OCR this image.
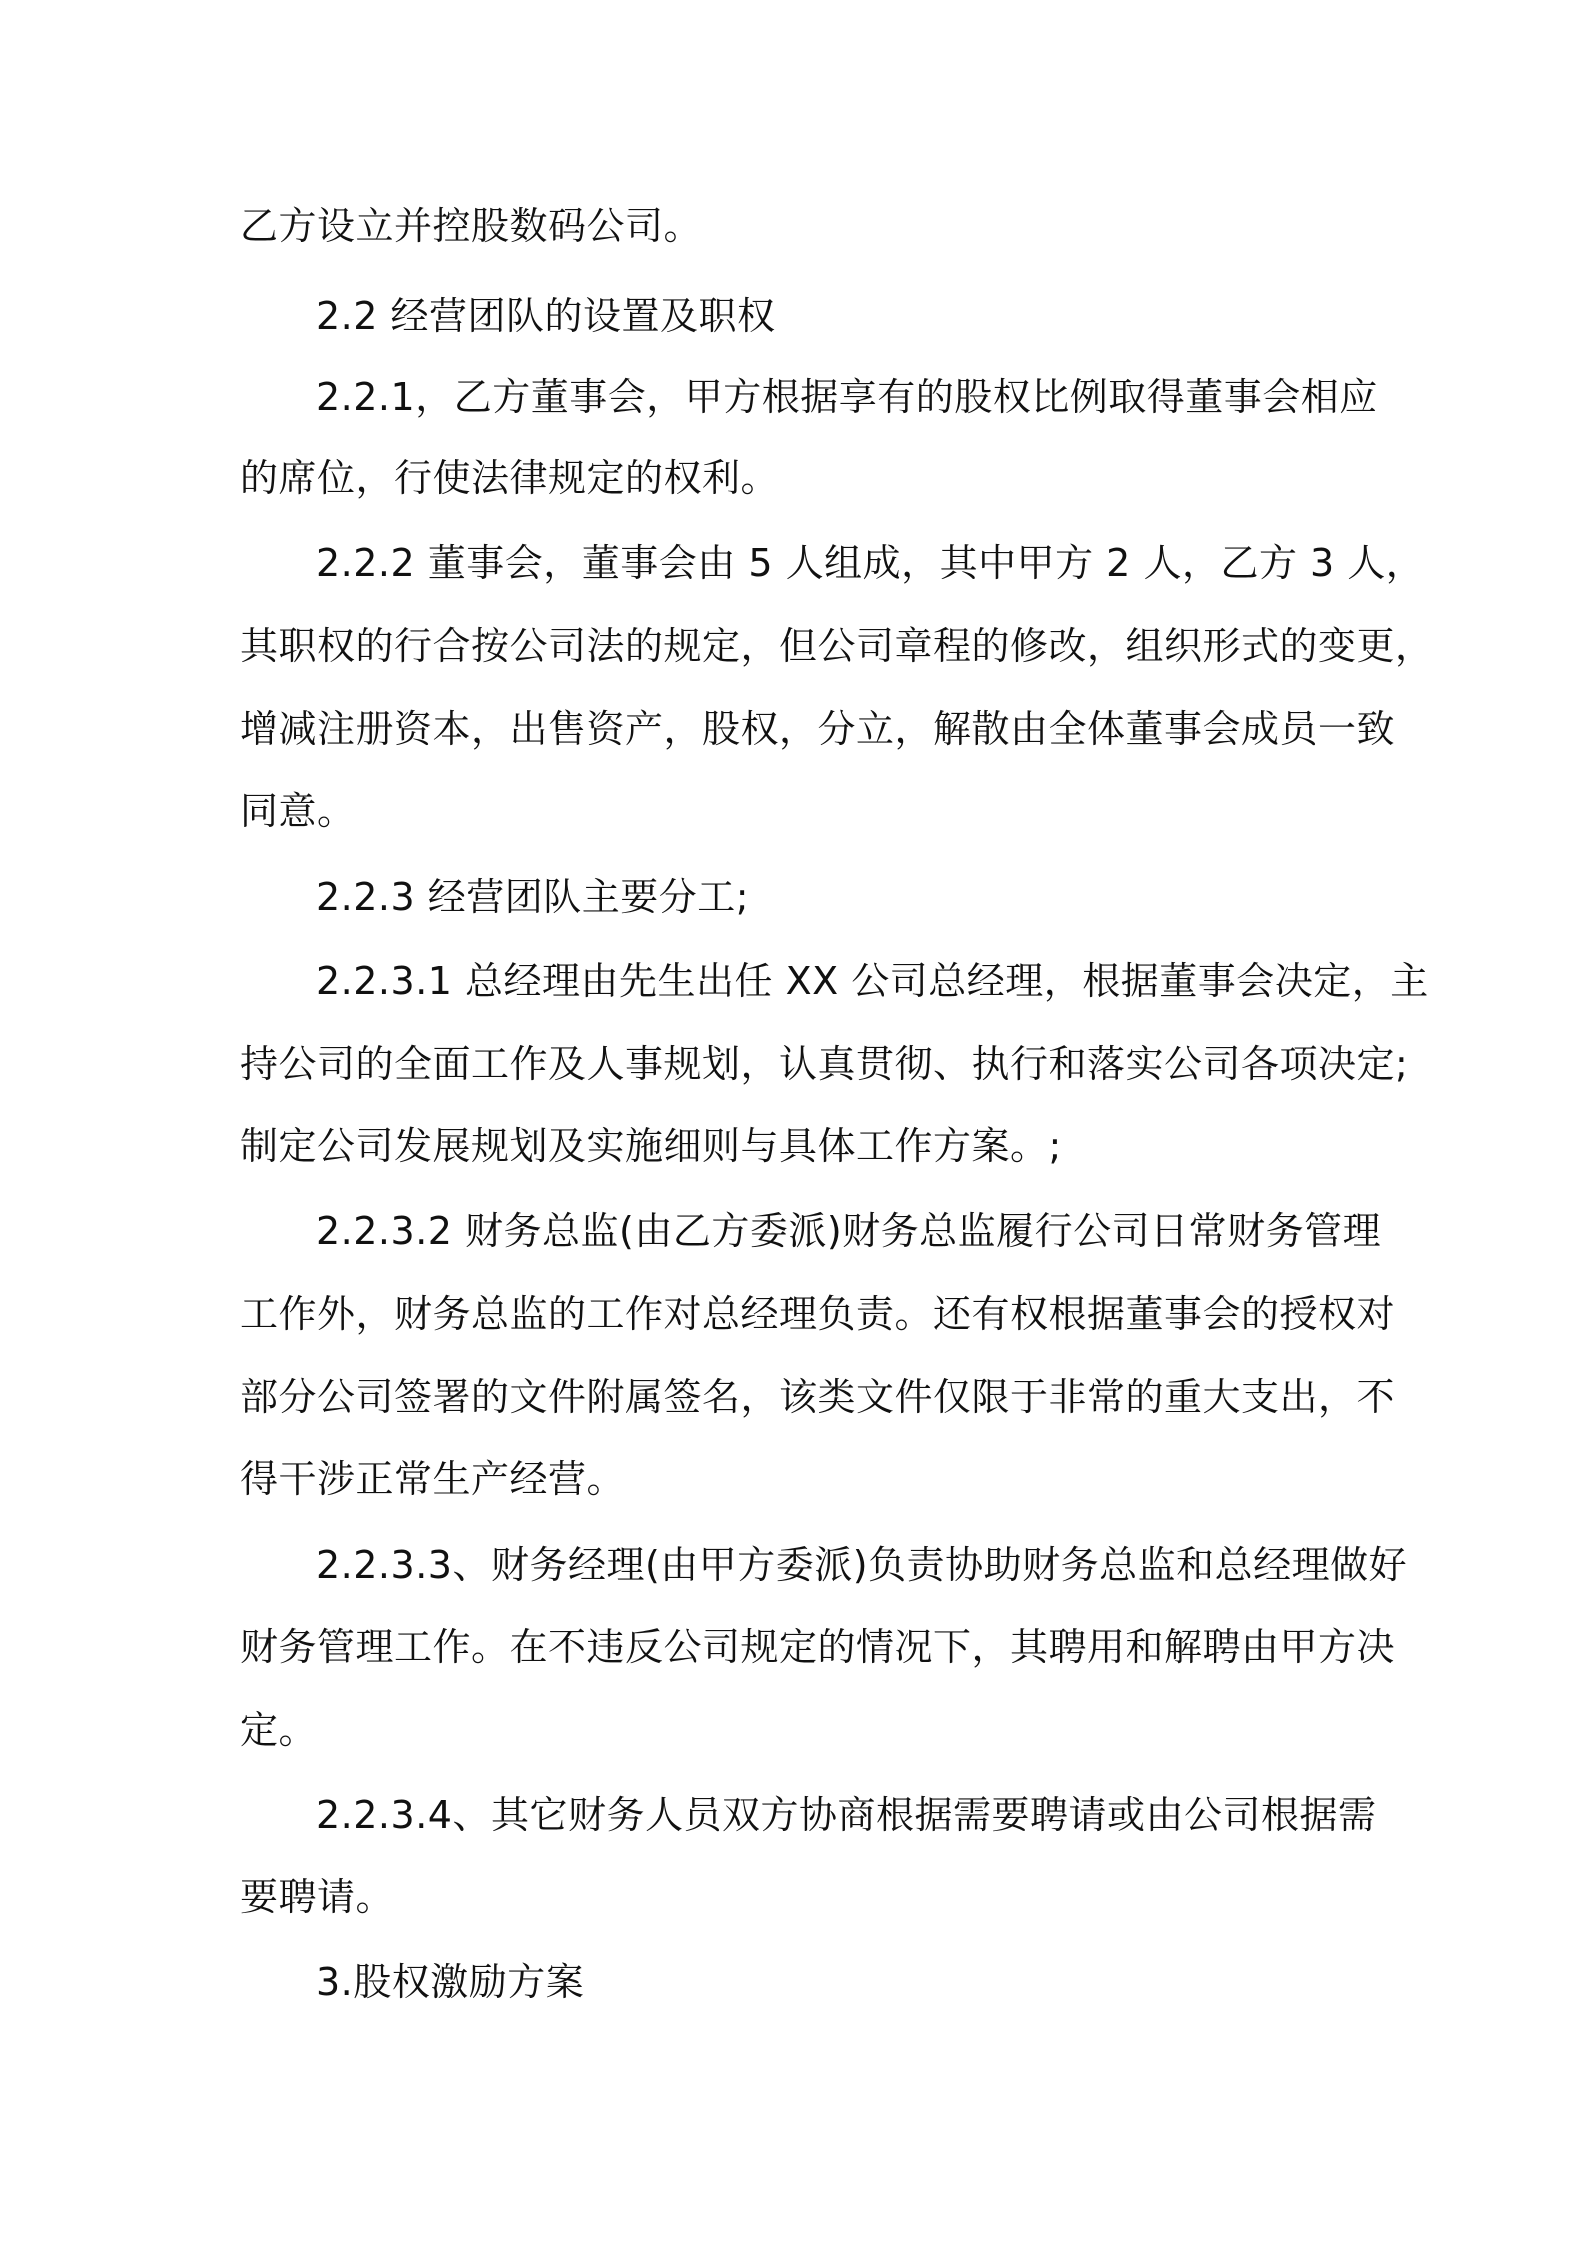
乙方设立并控股数码公司。
2.2 经营团队的设置及职权
2.2.1，乙方董事会，甲方根据享有的股权比例取得董事会相应
的席位，行使法律规定的权利。
2.2.2 董事会，董事会由 5 人组成，其中甲方 2 人，乙方 3 人，
其职权的行合按公司法的规定，但公司章程的修改，组织形式的变更，
增减注册资本，出售资产，股权，分立，解散由全体董事会成员一致
同意。
2.2.3 经营团队主要分工;
2.2.3.1 总经理由先生出任 XX 公司总经理，根据董事会决定，主
持公司的全面工作及人事规划，认真贯彻、执行和落实公司各项决定;
制定公司发展规划及实施细则与具体工作方案。;
2.2.3.2 财务总监(由乙方委派)财务总监履行公司日常财务管理
工作外，财务总监的工作对总经理负责。还有权根据董事会的授权对
部分公司签署的文件附属签名，该类文件仅限于非常的重大支出，不
得干涉正常生产经营。
2.2.3.3、财务经理(由甲方委派)负责协助财务总监和总经理做好
财务管理工作。在不违反公司规定的情况下，其聘用和解聘由甲方决
定。
2.2.3.4、其它财务人员双方协商根据需要聘请或由公司根据需
要聘请。
3.股权激励方案
